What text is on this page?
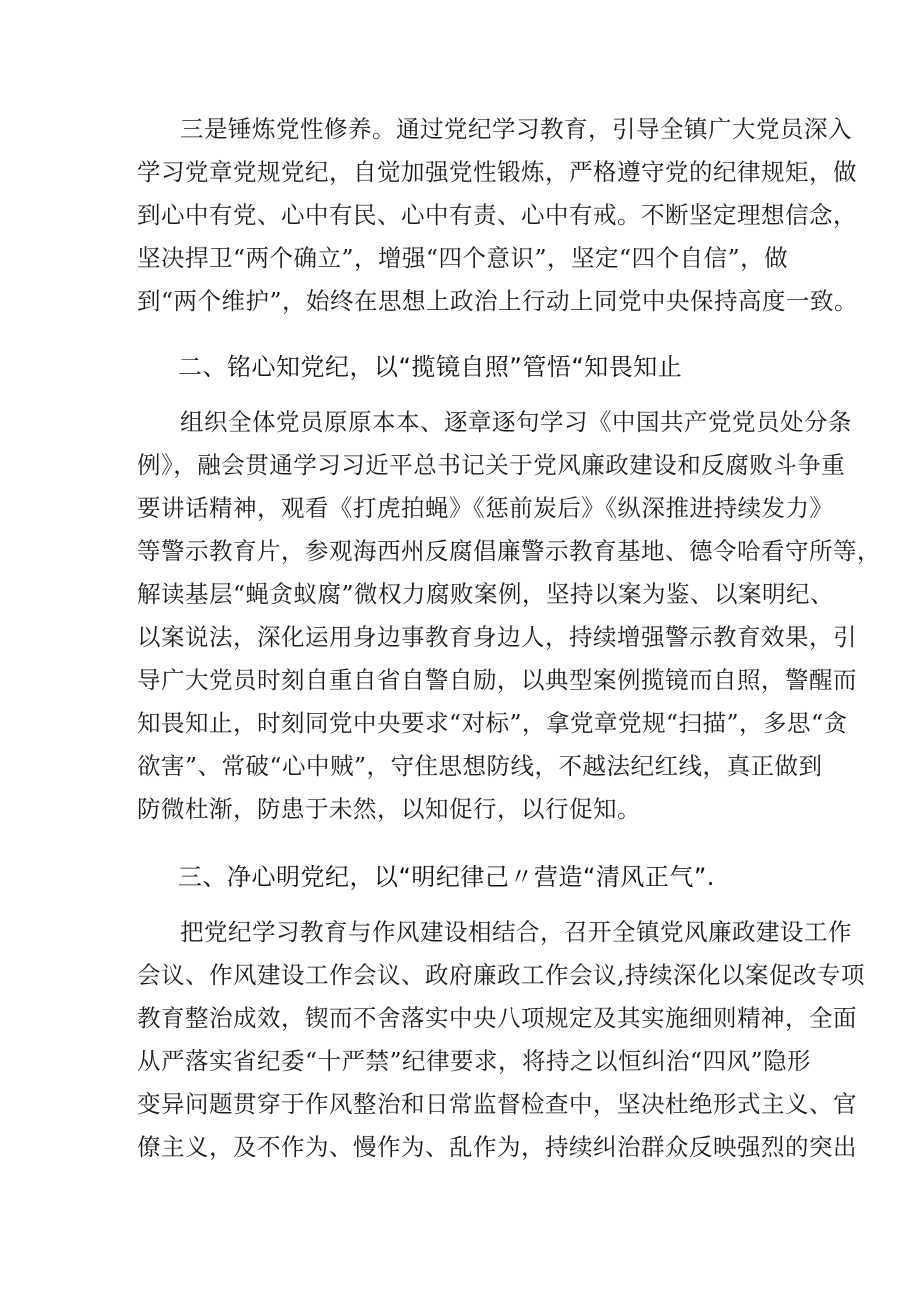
三是锤炼党性修养。通过党纪学习教育，引导全镇广大党员深入
学习党章党规党纪，自觉加强党性锻炼，严格遵守党的纪律规矩，做
到心中有党、心中有民、心中有责、心中有戒。不断坚定理想信念，
坚决捍卫“两个确立”，增强“四个意识”，坚定“四个自信”，做
到“两个维护”，始终在思想上政治上行动上同党中央保持高度一致。
二、铭心知党纪，以“揽镜自照”管悟“知畏知止
组织全体党员原原本本、逐章逐句学习《中国共产党党员处分条
例》，融会贯通学习习近平总书记关于党风廉政建设和反腐败斗争重
要讲话精神，观看《打虎拍蝇》《惩前炭后》《纵深推进持续发力》
等警示教育片，参观海西州反腐倡廉警示教育基地、德令哈看守所等，
解读基层“蝇贪蚁腐”微权力腐败案例，坚持以案为鉴、以案明纪、
以案说法，深化运用身边事教育身边人，持续增强警示教育效果，引
导广大党员时刻自重自省自警自励，以典型案例揽镜而自照，警醒而
知畏知止，时刻同党中央要求“对标”，拿党章党规“扫描”，多思“贪
欲害”、常破“心中贼”，守住思想防线，不越法纪红线，真正做到
防微杜渐，防患于未然，以知促行，以行促知。
三、净心明党纪，以“明纪律己〃营造“清风正气”.
把党纪学习教育与作风建设相结合，召开全镇党风廉政建设工作
会议、作风建设工作会议、政府廉政工作会议,持续深化以案促改专项
教育整治成效，锲而不舍落实中央八项规定及其实施细则精神，全面
从严落实省纪委“十严禁”纪律要求，将持之以恒纠治“四风”隐形
变异问题贯穿于作风整治和日常监督检查中，坚决杜绝形式主义、官
僚主义，及不作为、慢作为、乱作为，持续纠治群众反映强烈的突出
